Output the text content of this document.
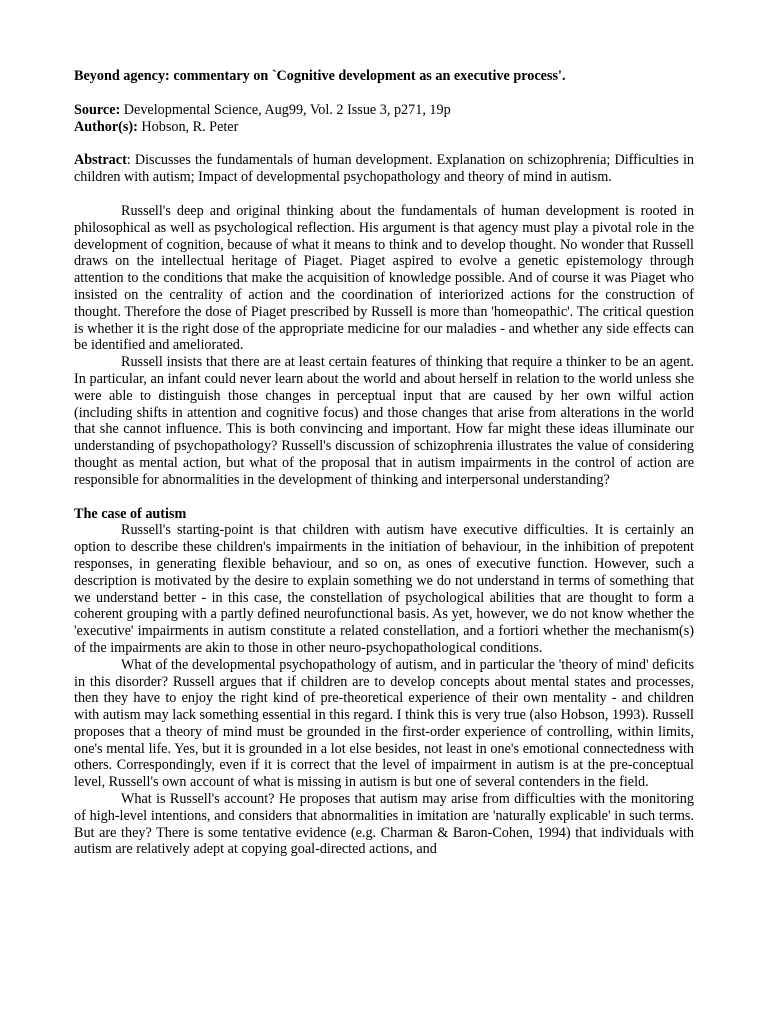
Beyond agency: commentary on `Cognitive development as an executive process'.
Source: Developmental Science, Aug99, Vol. 2 Issue 3, p271, 19p
Author(s): Hobson, R. Peter

Abstract: Discusses the fundamentals of human development. Explanation on schizophrenia; Difficulties in children with autism; Impact of developmental psychopathology and theory of mind in autism.

Russell's deep and original thinking about the fundamentals of human development is rooted in philosophical as well as psychological reflection. His argument is that agency must play a pivotal role in the development of cognition, because of what it means to think and to develop thought. No wonder that Russell draws on the intellectual heritage of Piaget. Piaget aspired to evolve a genetic epistemology through attention to the conditions that make the acquisition of knowledge possible. And of course it was Piaget who insisted on the centrality of action and the coordination of interiorized actions for the construction of thought. Therefore the dose of Piaget prescribed by Russell is more than 'homeopathic'. The critical question is whether it is the right dose of the appropriate medicine for our maladies - and whether any side effects can be identified and ameliorated.

Russell insists that there are at least certain features of thinking that require a thinker to be an agent. In particular, an infant could never learn about the world and about herself in relation to the world unless she were able to distinguish those changes in perceptual input that are caused by her own wilful action (including shifts in attention and cognitive focus) and those changes that arise from alterations in the world that she cannot influence. This is both convincing and important. How far might these ideas illuminate our understanding of psychopathology? Russell's discussion of schizophrenia illustrates the value of considering thought as mental action, but what of the proposal that in autism impairments in the control of action are responsible for abnormalities in the development of thinking and interpersonal understanding?

The case of autism

Russell's starting-point is that children with autism have executive difficulties. It is certainly an option to describe these children's impairments in the initiation of behaviour, in the inhibition of prepotent responses, in generating flexible behaviour, and so on, as ones of executive function. However, such a description is motivated by the desire to explain something we do not understand in terms of something that we understand better - in this case, the constellation of psychological abilities that are thought to form a coherent grouping with a partly defined neurofunctional basis. As yet, however, we do not know whether the 'executive' impairments in autism constitute a related constellation, and a fortiori whether the mechanism(s) of the impairments are akin to those in other neuro-psychopathological conditions.

What of the developmental psychopathology of autism, and in particular the 'theory of mind' deficits in this disorder? Russell argues that if children are to develop concepts about mental states and processes, then they have to enjoy the right kind of pre-theoretical experience of their own mentality - and children with autism may lack something essential in this regard. I think this is very true (also Hobson, 1993). Russell proposes that a theory of mind must be grounded in the first-order experience of controlling, within limits, one's mental life. Yes, but it is grounded in a lot else besides, not least in one's emotional connectedness with others. Correspondingly, even if it is correct that the level of impairment in autism is at the pre-conceptual level, Russell's own account of what is missing in autism is but one of several contenders in the field.

What is Russell's account? He proposes that autism may arise from difficulties with the monitoring of high-level intentions, and considers that abnormalities in imitation are 'naturally explicable' in such terms. But are they? There is some tentative evidence (e.g. Charman & Baron-Cohen, 1994) that individuals with autism are relatively adept at copying goal-directed actions, and
